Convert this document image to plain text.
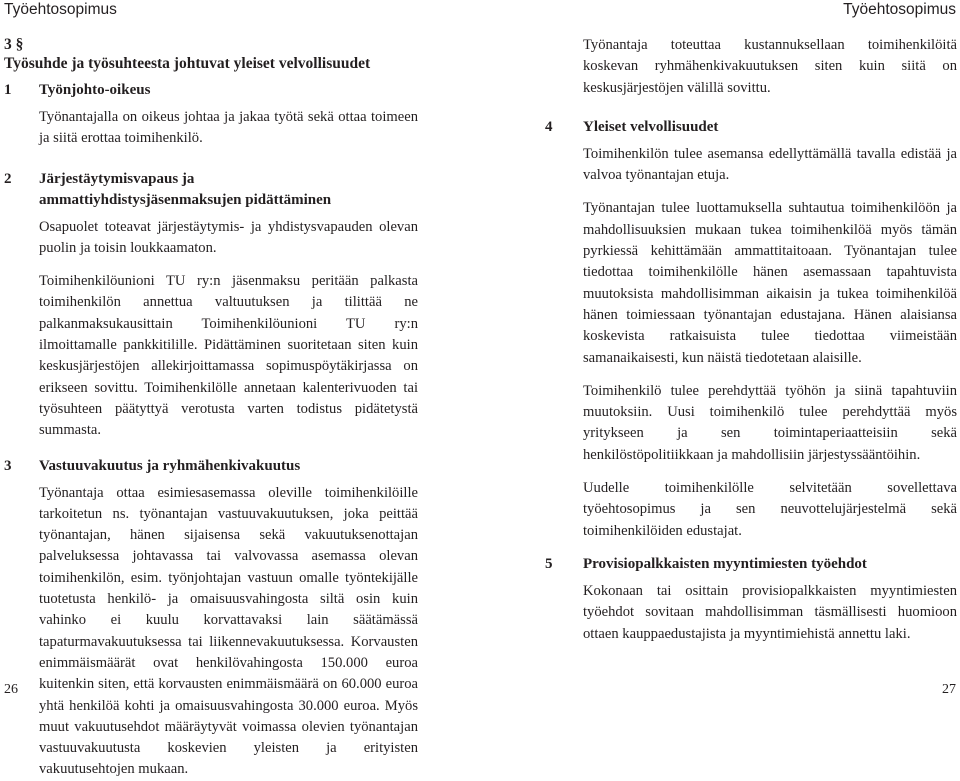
Työehtosopimus	Työehtosopimus
3 §
Työsuhde ja työsuhteesta johtuvat yleiset velvollisuudet
1 Työnjohto-oikeus

Työnantajalla on oikeus johtaa ja jakaa työtä sekä ottaa toimeen ja siitä erottaa toimihenkilö.

2 Järjestäytymisvapaus ja ammattiyhdistysjäsenmaksujen pidättäminen

Osapuolet toteavat järjestäytymis- ja yhdistysvapauden olevan puolin ja toisin loukkaamaton.

Toimihenkilöunioni TU ry:n jäsenmaksu peritään palkasta toimihenkilön annettua valtuutuksen ja tilittää ne palkanmaksukausittain Toimihenkilöunioni TU ry:n ilmoittamalle pankkitilille. Pidättäminen suoritetaan siten kuin keskusjärjestöjen allekirjoittamassa sopimuspöytäkirjassa on erikseen sovittu. Toimihenkilölle annetaan kalenterivuoden tai työsuhteen päätyttyä verotusta varten todistus pidätetystä summasta.

3 Vastuuvakuutus ja ryhmähenkivakuutus

Työnantaja ottaa esimiesasemassa oleville toimihenkilöille tarkoitetun ns. työnantajan vastuuvakuutuksen, joka peittää työnantajan, hänen sijaisensa sekä vakuutuksenottajan palveluksessa johtavassa tai valvovassa asemassa olevan toimihenkilön, esim. työnjohtajan vastuun omalle työntekijälle tuotetusta henkilö- ja omaisuusvahingosta siltä osin kuin vahinko ei kuulu korvattavaksi lain säätämässä tapaturmavakuutuksessa tai liikennevakuutuksessa. Korvausten enimmäismäärät ovat henkilövahingosta 150.000 euroa kuitenkin siten, että korvausten enimmäismäärä on 60.000 euroa yhtä henkilöä kohti ja omaisuusvahingosta 30.000 euroa. Myös muut vakuutusehdot määräytyvät voimassa olevien työnantajan vastuuvakuutusta koskevien yleisten ja erityisten vakuutusehtojen mukaan.

Työnantaja toteuttaa kustannuksellaan toimihenkilöitä koskevan ryhmähenkivakuutuksen siten kuin siitä on keskusjärjestöjen välillä sovittu.

4 Yleiset velvollisuudet

Toimihenkilön tulee asemansa edellyttämällä tavalla edistää ja valvoa työnantajan etuja.

Työnantajan tulee luottamuksella suhtautua toimihenkilöön ja mahdollisuuksien mukaan tukea toimihenkilöä myös tämän pyrkiessä kehittämään ammattitaitoaan. Työnantajan tulee tiedottaa toimihenkilölle hänen asemassaan tapahtuvista muutoksista mahdollisimman aikaisin ja tukea toimihenkilöä hänen toimiessaan työnantajan edustajana. Hänen alaisiansa koskevista ratkaisuista tulee tiedottaa viimeistään samanaikaisesti, kun näistä tiedotetaan alaisille.

Toimihenkilö tulee perehdyttää työhön ja siinä tapahtuviin muutoksiin. Uusi toimihenkilö tulee perehdyttää myös yritykseen ja sen toimintaperiaatteisiin sekä henkilöstöpolitiikkaan ja mahdollisiin järjestyssääntöihin.

Uudelle toimihenkilölle selvitetään sovellettava työehtosopimus ja sen neuvottelujärjestelmä sekä toimihenkilöiden edustajat.

5 Provisiopalkkaisten myyntimiesten työehdot

Kokonaan tai osittain provisiopalkkaisten myyntimiesten työehdot sovitaan mahdollisimman täsmällisesti huomioon ottaen kauppaedustajista ja myyntimiehistä annettu laki.

26	27
